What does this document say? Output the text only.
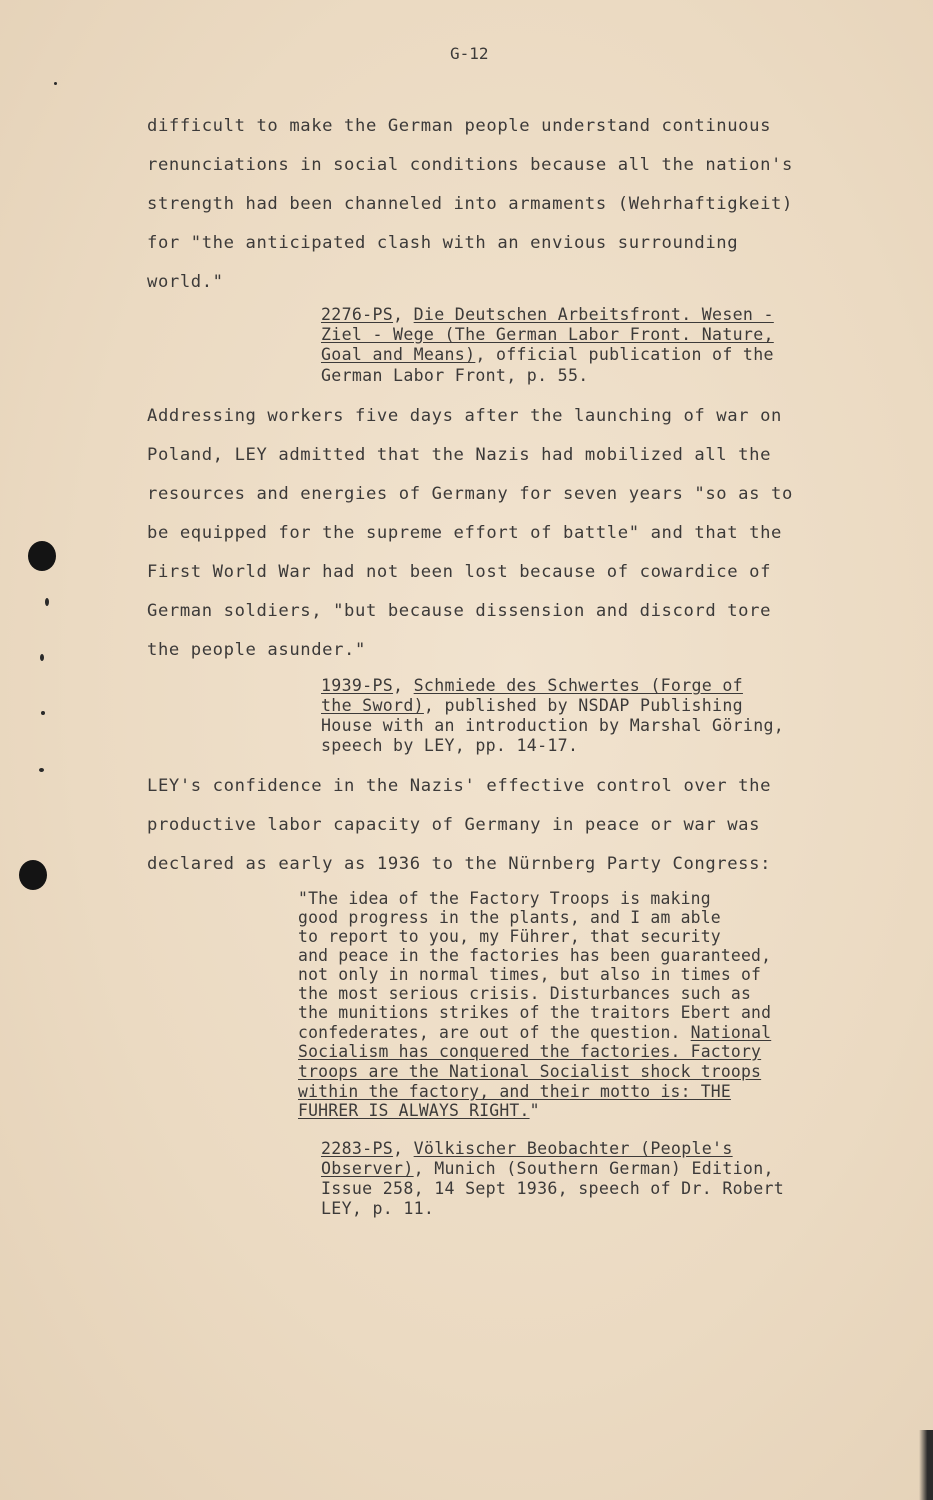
G-12

difficult to make the German people understand continuous

renunciations in social conditions because all the nation's

strength had been channeled into armaments (Wehrhaftigkeit)

for "the anticipated clash with an envious surrounding

world."

2276-PS, Die Deutschen Arbeitsfront. Wesen -

Ziel - Wege (The German Labor Front. Nature,

Goal and Means), official publication of the

German Labor Front, p. 55.

Addressing workers five days after the launching of war on

Poland, LEY admitted that the Nazis had mobilized all the

resources and energies of Germany for seven years "so as to

be equipped for the supreme effort of battle" and that the

First World War had not been lost because of cowardice of

German soldiers, "but because dissension and discord tore

the people asunder."

1939-PS, Schmiede des Schwertes (Forge of

the Sword), published by NSDAP Publishing

House with an introduction by Marshal Göring,

speech by LEY, pp. 14-17.

LEY's confidence in the Nazis' effective control over the

productive labor capacity of Germany in peace or war was

declared as early as 1936 to the Nürnberg Party Congress:

"The idea of the Factory Troops is making

good progress in the plants, and I am able

to report to you, my Führer, that security

and peace in the factories has been guaranteed,

not only in normal times, but also in times of

the most serious crisis. Disturbances such as

the munitions strikes of the traitors Ebert and

confederates, are out of the question. National

Socialism has conquered the factories. Factory

troops are the National Socialist shock troops

within the factory, and their motto is: THE

FUHRER IS ALWAYS RIGHT."

2283-PS, Völkischer Beobachter (People's

Observer), Munich (Southern German) Edition,

Issue 258, 14 Sept 1936, speech of Dr. Robert

LEY, p. 11.
